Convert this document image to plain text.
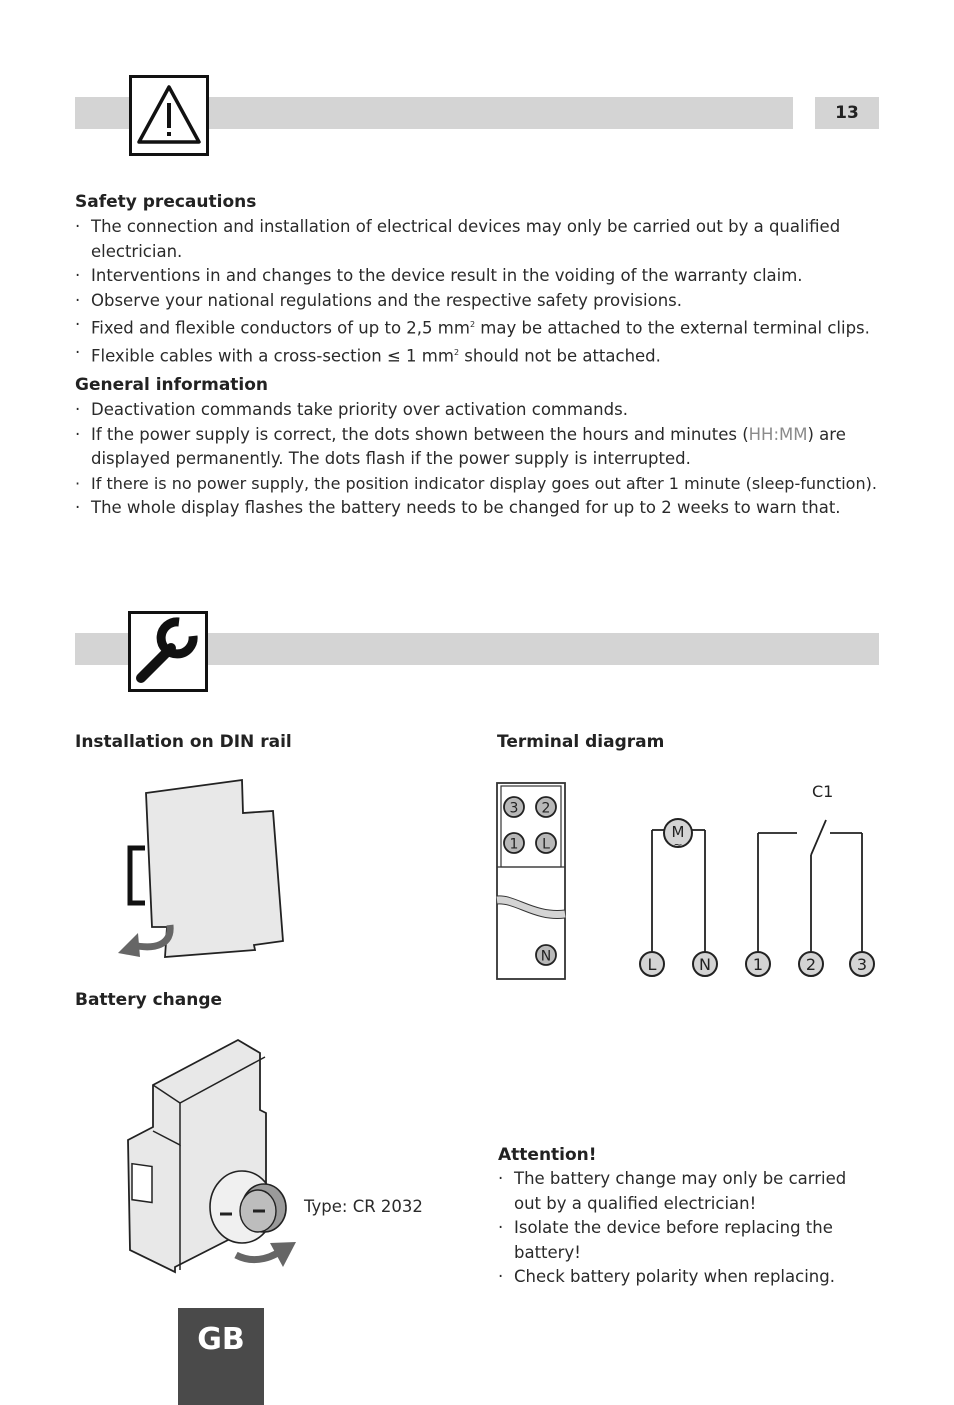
13
Safety precautions
· The connection and installation of electrical devices may only be carried out by a qualified electrician.
· Interventions in and changes to the device result in the voiding of the warranty claim.
· Observe your national regulations and the respective safety provisions.
· Fixed and flexible conductors of up to 2,5 $mm^2$ may be attached to the external terminal clips.
· Flexible cables with a cross-section ≤ 1 $mm^2$ should not be attached.
General information
· Deactivation commands take priority over activation commands.
· If the power supply is correct, the dots shown between the hours and minutes (HH:MM) are displayed permanently. The dots flash if the power supply is interrupted.
· If there is no power supply, the position indicator display goes out after 1 minute (sleep-function).
· The whole display flashes the battery needs to be changed for up to 2 weeks to warn that.
Installation on DIN rail	Terminal diagram
3 2
1 L
N
M
~
C1
L	N	1	2	3
Battery change
Type: CR 2032
Attention!
· The battery change may only be carried out by a qualified electrician!
· Isolate the device before replacing the battery!
· Check battery polarity when replacing.
GB
